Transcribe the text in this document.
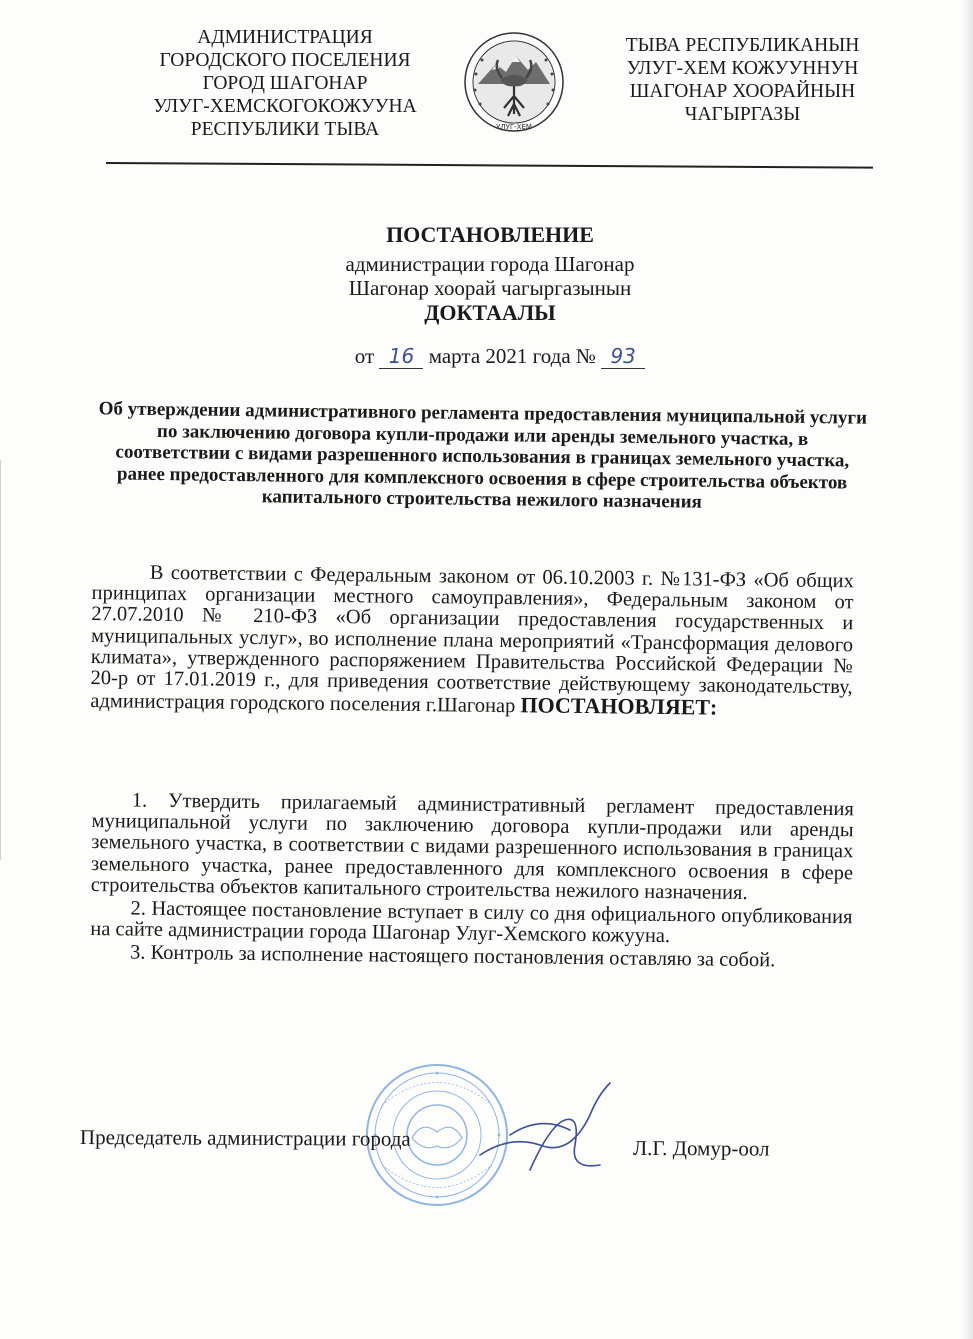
АДМИНИСТРАЦИЯ
ГОРОДСКОГО ПОСЕЛЕНИЯ
ГОРОД ШАГОНАР
УЛУГ-ХЕМСКОГОКОЖУУНА
РЕСПУБЛИКИ ТЫВА	УЛУГ-ХЕМ
ТЫВА РЕСПУБЛИКАНЫН
УЛУГ-ХЕМ КОЖУУННУН
ШАГОНАР ХООРАЙНЫН
ЧАГЫРГАЗЫ
ПОСТАНОВЛЕНИЕ
администрации города Шагонар
Шагонар хоорай чагыргазынын
ДОКТААЛЫ
от 16 марта 2021 года № 93
Об утверждении административного регламента предоставления муниципальной услуги по заключению договора купли-продажи или аренды земельного участка, в соответствии с видами разрешенного использования в границах земельного участка, ранее предоставленного для комплексного освоения в сфере строительства объектов капитального строительства нежилого назначения
В соответствии с Федеральным законом от 06.10.2003 г. №131-ФЗ «Об общих принципах организации местного самоуправления», Федеральным законом от 27.07.2010 № 210-ФЗ «Об организации предоставления государственных и муниципальных услуг», во исполнение плана мероприятий «Трансформация делового климата», утвержденного распоряжением Правительства Российской Федерации № 20-р от 17.01.2019 г., для приведения соответствие действующему законодательству, администрация городского поселения г.Шагонар ПОСТАНОВЛЯЕТ:

1. Утвердить прилагаемый административный регламент предоставления муниципальной услуги по заключению договора купли-продажи или аренды земельного участка, в соответствии с видами разрешенного использования в границах земельного участка, ранее предоставленного для комплексного освоения в сфере строительства объектов капитального строительства нежилого назначения.

2. Настоящее постановление вступает в силу со дня официального опубликования на сайте администрации города Шагонар Улуг-Хемского кожууна.

3. Контроль за исполнение настоящего постановления оставляю за собой.

Председатель администрации города	Л.Г. Домур-оол
